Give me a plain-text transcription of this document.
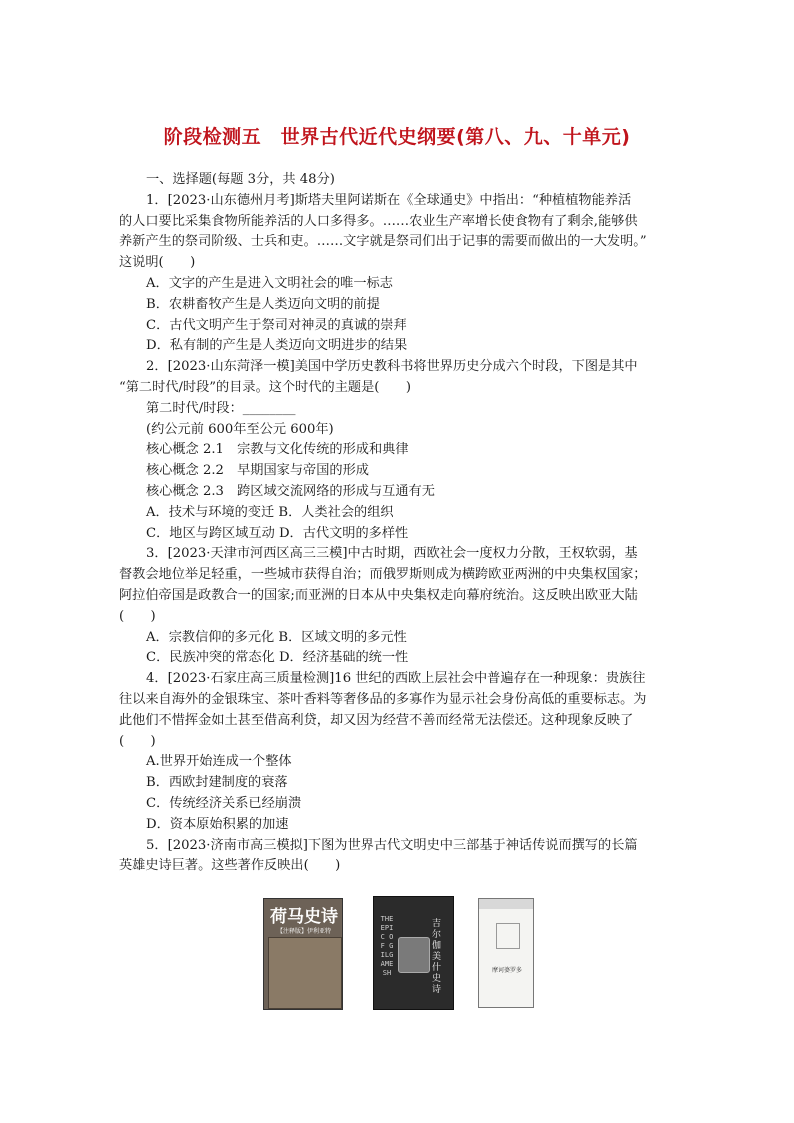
阶段检测五　世界古代近代史纲要(第八、九、十单元)
一、选择题(每题 3分，共 48分)
1．[2023·山东德州月考]斯塔夫里阿诺斯在《全球通史》中指出：“种植植物能养活
的人口要比采集食物所能养活的人口多得多。……农业生产率增长使食物有了剩余,能够供
养新产生的祭司阶级、士兵和吏。……文字就是祭司们出于记事的需要而做出的一大发明。”
这说明(　　)
A．文字的产生是进入文明社会的唯一标志
B．农耕畜牧产生是人类迈向文明的前提
C．古代文明产生于祭司对神灵的真诚的崇拜
D．私有制的产生是人类迈向文明进步的结果
2．[2023·山东菏泽一模]美国中学历史教科书将世界历史分成六个时段，下图是其中
“第二时代/时段”的目录。这个时代的主题是(　　)
第二时代/时段：________
(约公元前 600年至公元 600年)
核心概念 2.1　宗教与文化传统的形成和典律
核心概念 2.2　早期国家与帝国的形成
核心概念 2.3　跨区域交流网络的形成与互通有无
A．技术与环境的变迁 B．人类社会的组织
C．地区与跨区域互动 D．古代文明的多样性
3．[2023·天津市河西区高三三模]中古时期，西欧社会一度权力分散，王权软弱，基
督教会地位举足轻重，一些城市获得自治；而俄罗斯则成为横跨欧亚两洲的中央集权国家；
阿拉伯帝国是政教合一的国家;而亚洲的日本从中央集权走向幕府统治。这反映出欧亚大陆
(　　)
A．宗教信仰的多元化 B．区域文明的多元性
C．民族冲突的常态化 D．经济基础的统一性
4．[2023·石家庄高三质量检测]16 世纪的西欧上层社会中普遍存在一种现象：贵族往
往以来自海外的金银珠宝、茶叶香料等奢侈品的多寡作为显示社会身份高低的重要标志。为
此他们不惜挥金如土甚至借高利贷，却又因为经营不善而经常无法偿还。这种现象反映了
(　　)
A.世界开始连成一个整体
B．西欧封建制度的衰落
C．传统经济关系已经崩溃
D．资本原始积累的加速
5．[2023·济南市高三模拟]下图为世界古代文明史中三部基于神话传说而撰写的长篇
英雄史诗巨著。这些著作反映出(　　)
荷马史诗
【注释版】伊利亚特
THE EPIC OF GILGAMESH
吉尔伽美什史诗
摩诃婆罗多
